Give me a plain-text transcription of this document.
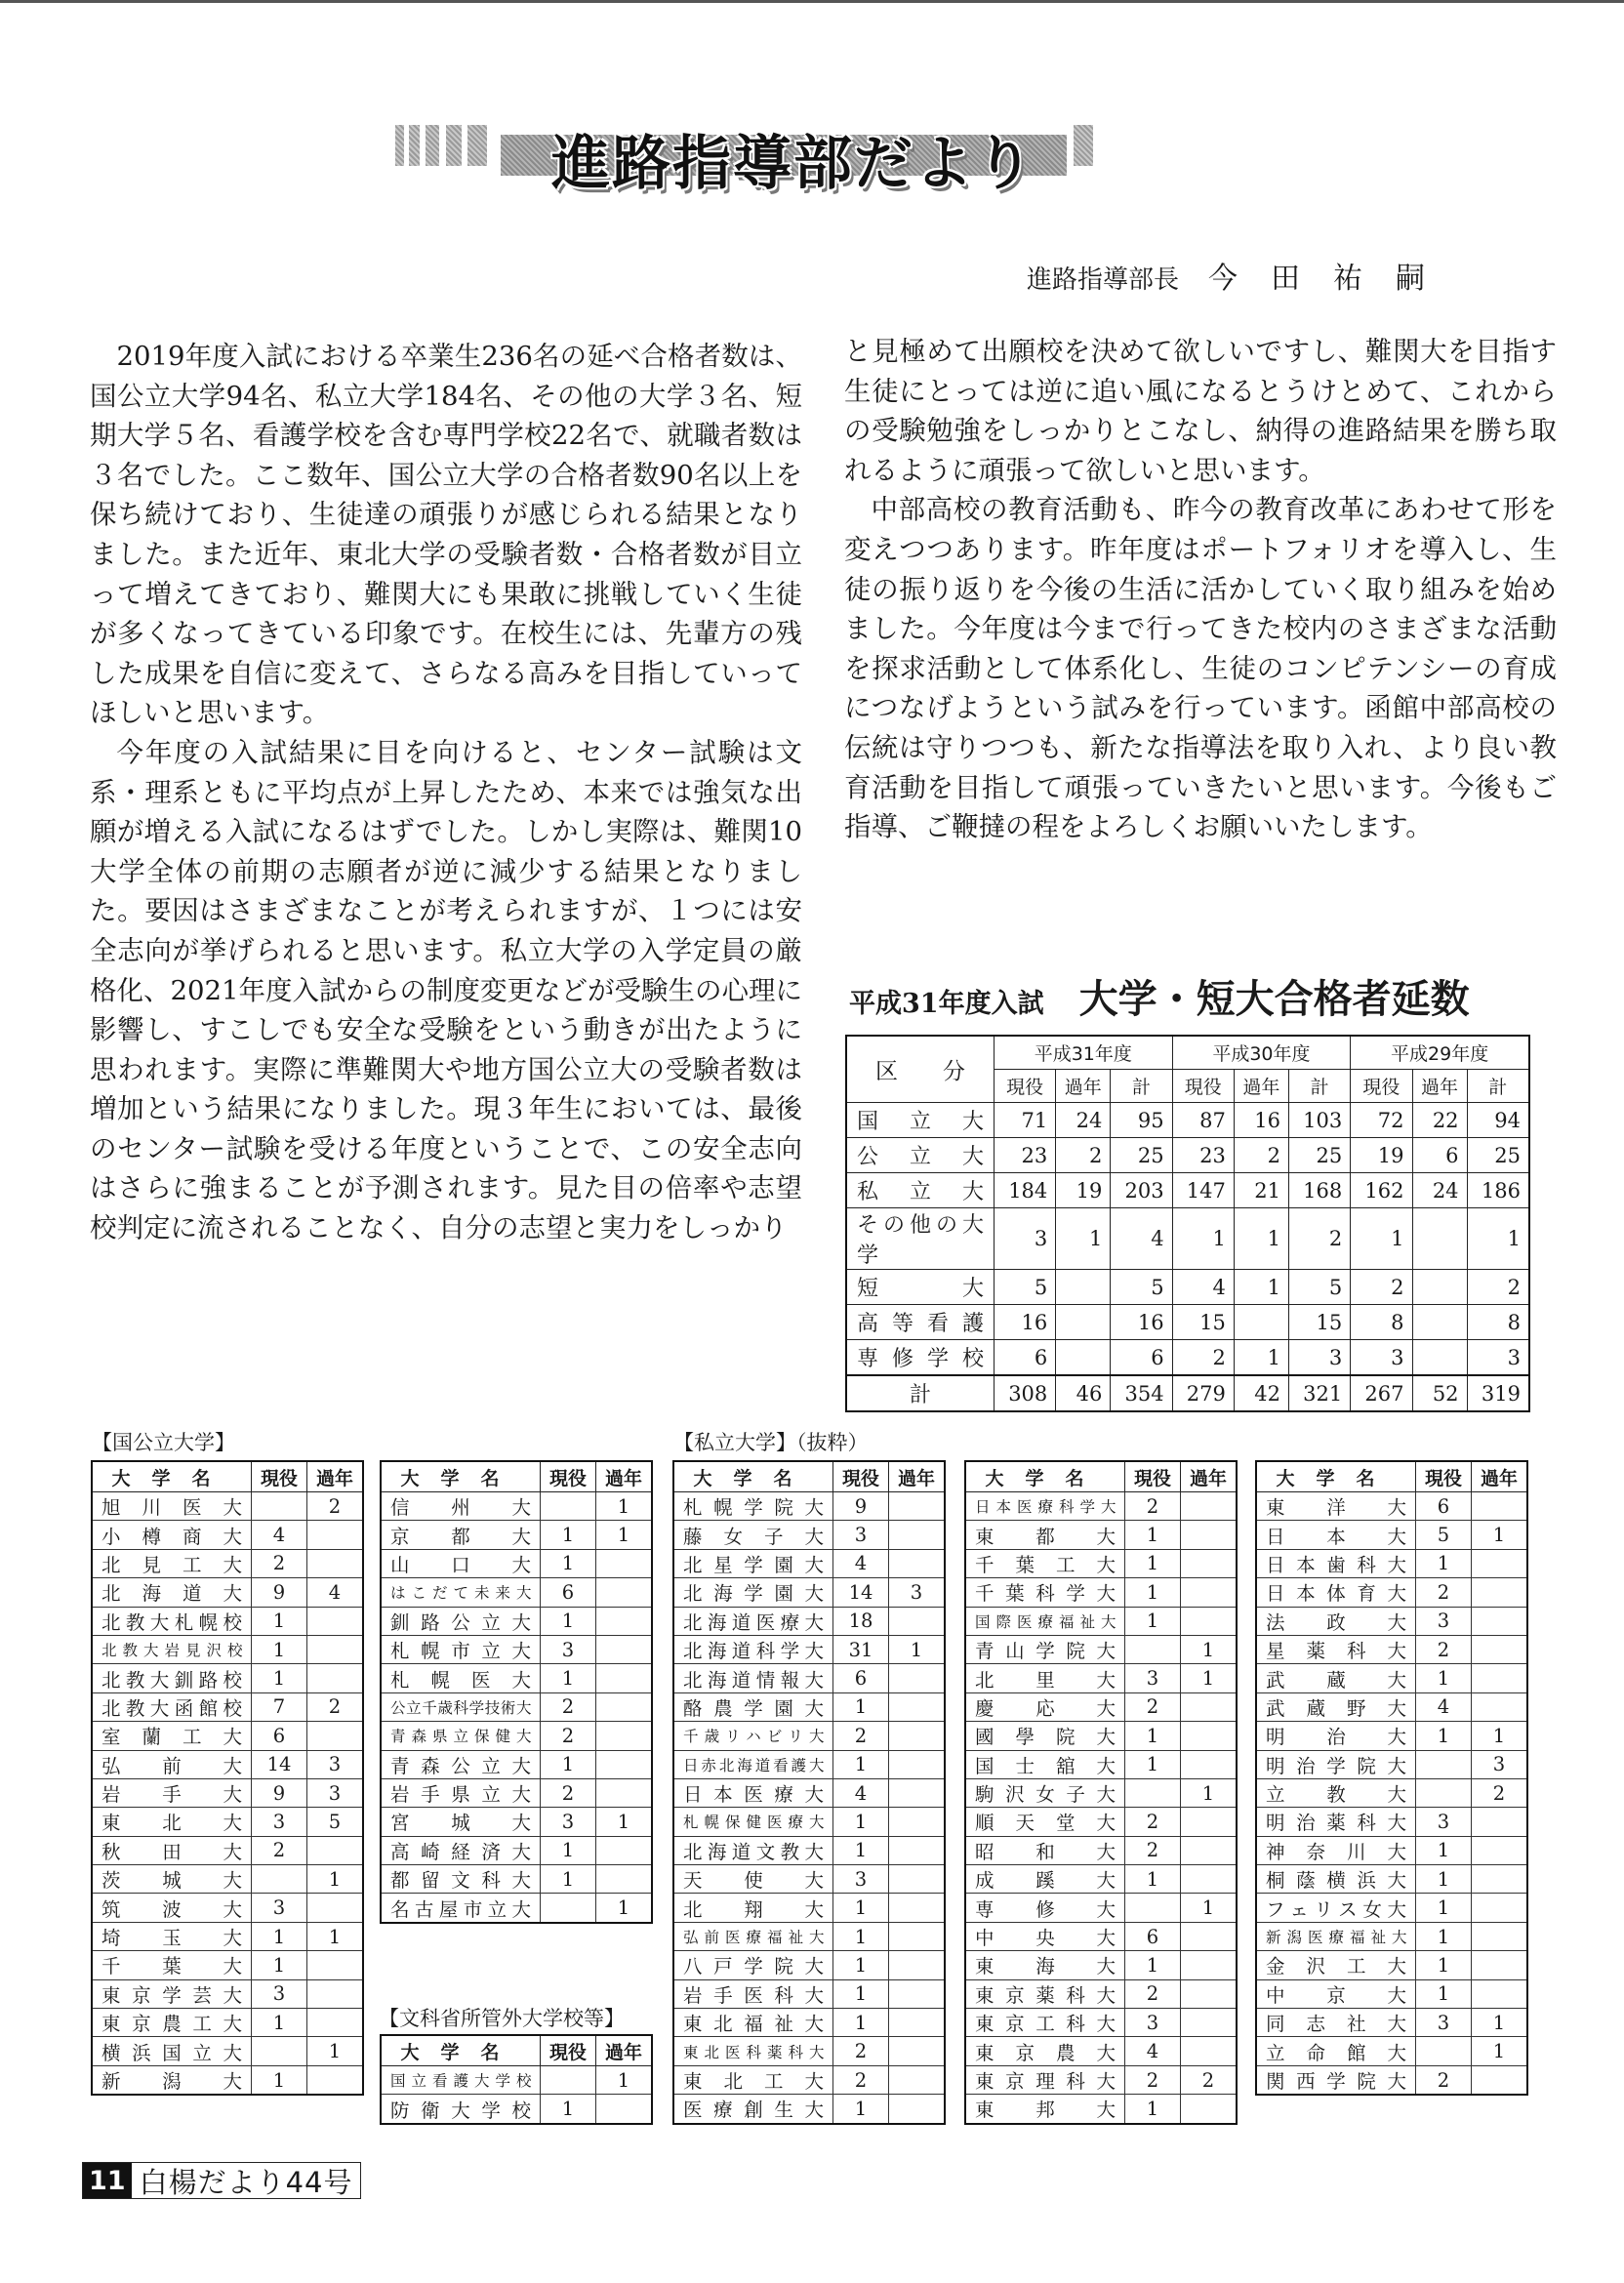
進路指導部だより
進路指導部長 今田祐嗣

2019年度入試における卒業生236名の延べ合格者数は、国公立大学94名、私立大学184名、その他の大学３名、短期大学５名、看護学校を含む専門学校22名で、就職者数は３名でした。ここ数年、国公立大学の合格者数90名以上を保ち続けており、生徒達の頑張りが感じられる結果となりました。また近年、東北大学の受験者数・合格者数が目立って増えてきており、難関大にも果敢に挑戦していく生徒が多くなってきている印象です。在校生には、先輩方の残した成果を自信に変えて、さらなる高みを目指していってほしいと思います。

今年度の入試結果に目を向けると、センター試験は文系・理系ともに平均点が上昇したため、本来では強気な出願が増える入試になるはずでした。しかし実際は、難関10大学全体の前期の志願者が逆に減少する結果となりました。要因はさまざまなことが考えられますが、１つには安全志向が挙げられると思います。私立大学の入学定員の厳格化、2021年度入試からの制度変更などが受験生の心理に影響し、すこしでも安全な受験をという動きが出たように思われます。実際に準難関大や地方国公立大の受験者数は増加という結果になりました。現３年生においては、最後のセンター試験を受ける年度ということで、この安全志向はさらに強まることが予測されます。見た目の倍率や志望校判定に流されることなく、自分の志望と実力をしっかり

と見極めて出願校を決めて欲しいですし、難関大を目指す生徒にとっては逆に追い風になるとうけとめて、これからの受験勉強をしっかりとこなし、納得の進路結果を勝ち取れるように頑張って欲しいと思います。

中部高校の教育活動も、昨今の教育改革にあわせて形を変えつつあります。昨年度はポートフォリオを導入し、生徒の振り返りを今後の生活に活かしていく取り組みを始めました。今年度は今まで行ってきた校内のさまざまな活動を探求活動として体系化し、生徒のコンピテンシーの育成につなげようという試みを行っています。函館中部高校の伝統は守りつつも、新たな指導法を取り入れ、より良い教育活動を目指して頑張っていきたいと思います。今後もご指導、ご鞭撻の程をよろしくお願いいたします。

平成31年度入試 大学・短大合格者延数
区　　分	平成31年度			平成30年度			平成29年度		
	現役	過年	計	現役	過年	計	現役	過年	計
国立大	71	24	95	87	16	103	72	22	94
公立大	23	2	25	23	2	25	19	6	25
私立大	184	19	203	147	21	168	162	24	186
その他の大学	3	1	4	1	1	2	1		1
短大	5		5	4	1	5	2		2
高等看護	16		16	15		15	8		8
専修学校	6		6	2	1	3	3		3
計	308	46	354	279	42	321	267	52	319
【国公立大学】	【私立大学】（抜粋）
【文科省所管外大学校等】
大学名	現役	過年
旭川医大		2
小樽商大	4	
北見工大	2	
北海道大	9	4
北教大札幌校	1	
北教大岩見沢校	1	
北教大釧路校	1	
北教大函館校	7	2
室蘭工大	6	
弘前大	14	3
岩手大	9	3
東北大	3	5
秋田大	2	
茨城大		1
筑波大	3	
埼玉大	1	1
千葉大	1	
東京学芸大	3	
東京農工大	1	
横浜国立大		1
新潟大	1	
大学名	現役	過年
信州大		1
京都大	1	1
山口大	1	
はこだて未来大	6	
釧路公立大	1	
札幌市立大	3	
札幌医大	1	
公立千歳科学技術大	2	
青森県立保健大	2	
青森公立大	1	
岩手県立大	2	
宮城大	3	1
高崎経済大	1	
都留文科大	1	
名古屋市立大		1
大学名	現役	過年
国立看護大学校		1
防衛大学校	1	
大学名	現役	過年
札幌学院大	9	
藤女子大	3	
北星学園大	4	
北海学園大	14	3
北海道医療大	18	
北海道科学大	31	1
北海道情報大	6	
酪農学園大	1	
千歳リハビリ大	2	
日赤北海道看護大	1	
日本医療大	4	
札幌保健医療大	1	
北海道文教大	1	
天使大	3	
北翔大	1	
弘前医療福祉大	1	
八戸学院大	1	
岩手医科大	1	
東北福祉大	1	
東北医科薬科大	2	
東北工大	2	
医療創生大	1	
大学名	現役	過年
日本医療科学大	2	
東都大	1	
千葉工大	1	
千葉科学大	1	
国際医療福祉大	1	
青山学院大		1
北里大	3	1
慶応大	2	
國學院大	1	
国士舘大	1	
駒沢女子大		1
順天堂大	2	
昭和大	2	
成蹊大	1	
専修大		1
中央大	6	
東海大	1	
東京薬科大	2	
東京工科大	3	
東京農大	4	
東京理科大	2	2
東邦大	1	
大学名	現役	過年
東洋大	6	
日本大	5	1
日本歯科大	1	
日本体育大	2	
法政大	3	
星薬科大	2	
武蔵大	1	
武蔵野大	4	
明治大	1	1
明治学院大		3
立教大		2
明治薬科大	3	
神奈川大	1	
桐蔭横浜大	1	
フェリス女大	1	
新潟医療福祉大	1	
金沢工大	1	
中京大	1	
同志社大	3	1
立命館大		1
関西学院大	2	
11 白楊だより44号
